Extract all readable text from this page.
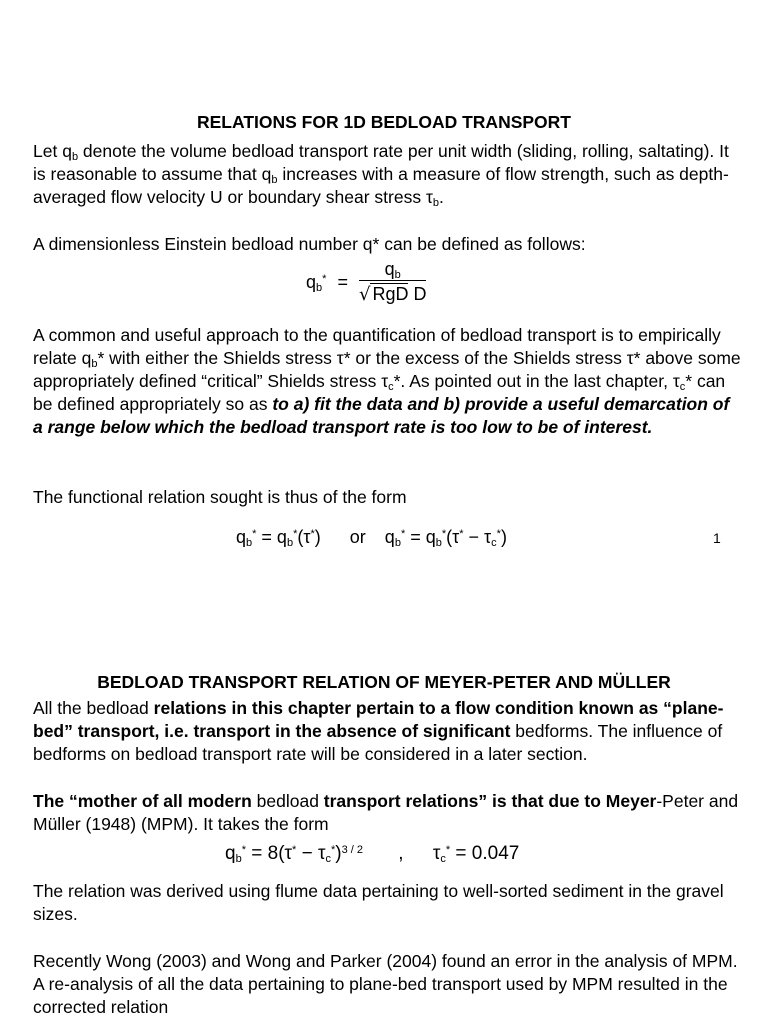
RELATIONS FOR 1D BEDLOAD TRANSPORT

Let $q_b$ denote the volume bedload transport rate per unit width (sliding, rolling, saltating). It is reasonable to assume that $q_b$ increases with a measure of flow strength, such as depth-averaged flow velocity U or boundary shear stress $\tau_b$.

A dimensionless Einstein bedload number q* can be defined as follows:

$q_b^* = \frac{q_b}{\text{√ RgD D}}$

A common and useful approach to the quantification of bedload transport is to empirically relate $q_b*$ with either the Shields stress τ* or the excess of the Shields stress τ* above some appropriately defined “critical” Shields stress $\tau_c*$. As pointed out in the last chapter, $\tau_c*$ can be defined appropriately so as to a) fit the data and b) provide a useful demarcation of a range below which the bedload transport rate is too low to be of interest.

The functional relation sought is thus of the form

$q_b^* = q_b^*(\tau^*)$ or $q_b^* = q_b^*(\tau^* - \tau_c^*)$	1
BEDLOAD TRANSPORT RELATION OF MEYER-PETER AND MÜLLER

All the bedload relations in this chapter pertain to a flow condition known as “plane-bed” transport, i.e. transport in the absence of significant bedforms. The influence of bedforms on bedload transport rate will be considered in a later section.

The “mother of all modern bedload transport relations” is that due to Meyer-Peter and Müller (1948) (MPM). It takes the form

$q_b^* = 8(\tau^* - \tau_c^*)^{3 / 2}$ , $\tau_c^* = 0.047$

The relation was derived using flume data pertaining to well-sorted sediment in the gravel sizes.

Recently Wong (2003) and Wong and Parker (2004) found an error in the analysis of MPM. A re-analysis of all the data pertaining to plane-bed transport used by MPM resulted in the corrected relation
